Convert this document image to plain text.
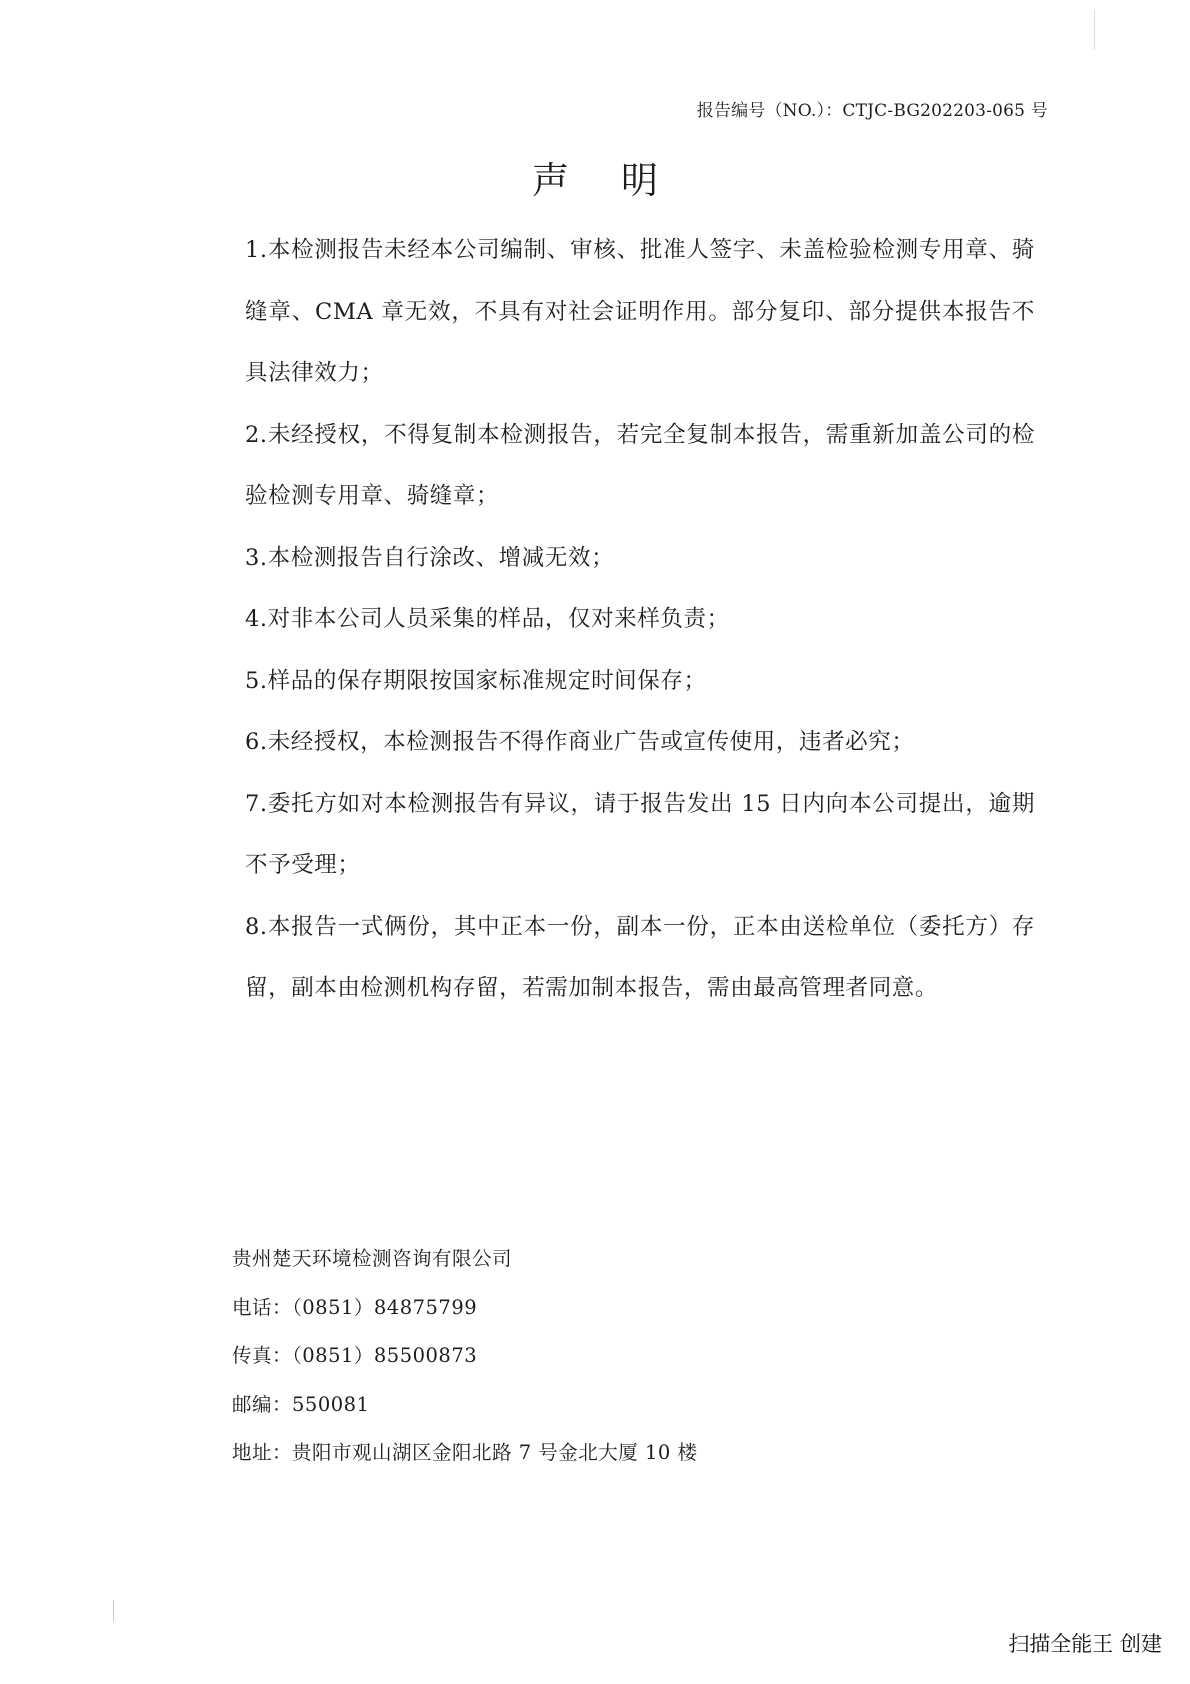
报告编号（NO.）：CTJC-BG202203-065 号
声明
1.本检测报告未经本公司编制、审核、批准人签字、未盖检验检测专用章、骑缝章、CMA 章无效，不具有对社会证明作用。部分复印、部分提供本报告不具法律效力；
2.未经授权，不得复制本检测报告，若完全复制本报告，需重新加盖公司的检验检测专用章、骑缝章；
3.本检测报告自行涂改、增减无效；
4.对非本公司人员采集的样品，仅对来样负责；
5.样品的保存期限按国家标准规定时间保存；
6.未经授权，本检测报告不得作商业广告或宣传使用，违者必究；
7.委托方如对本检测报告有异议，请于报告发出 15 日内向本公司提出，逾期不予受理；
8.本报告一式俩份，其中正本一份，副本一份，正本由送检单位（委托方）存留，副本由检测机构存留，若需加制本报告，需由最高管理者同意。
贵州楚天环境检测咨询有限公司
电话：（0851）84875799
传真：（0851）85500873
邮编：550081
地址：贵阳市观山湖区金阳北路 7 号金北大厦 10 楼
扫描全能王 创建
